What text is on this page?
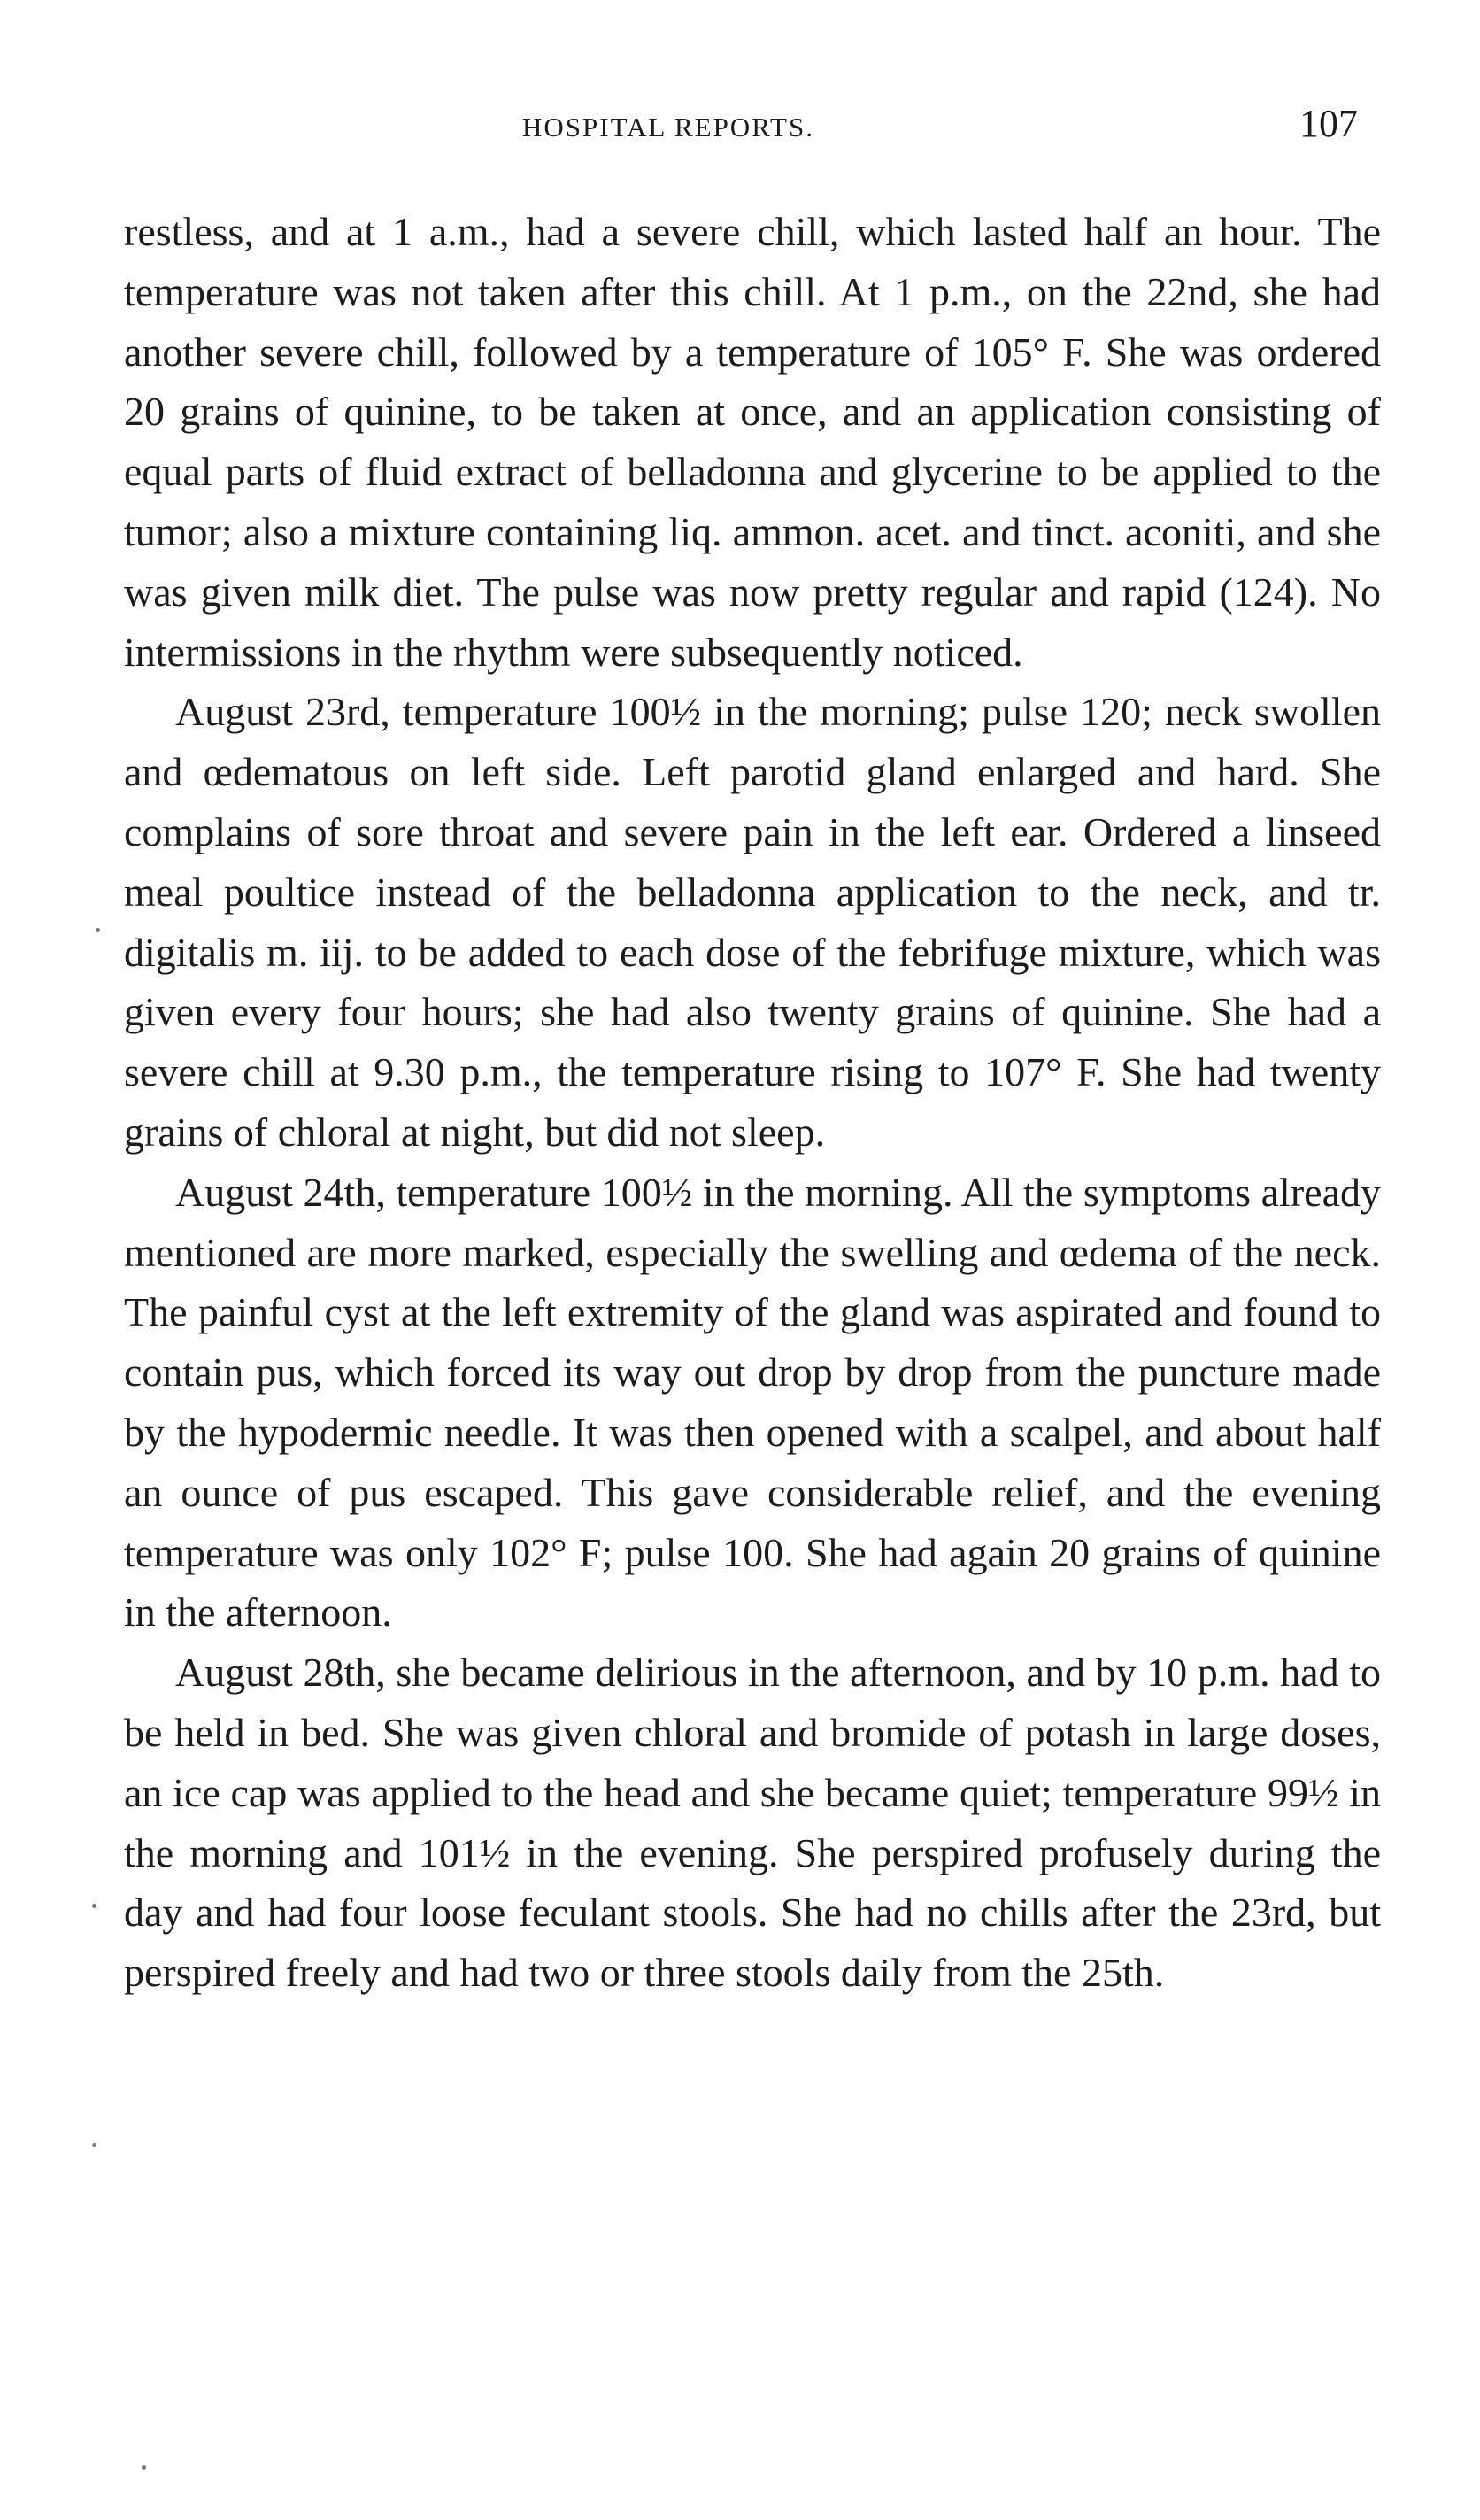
HOSPITAL REPORTS.	107

restless, and at 1 a.m., had a severe chill, which lasted half an hour. The temperature was not taken after this chill. At 1 p.m., on the 22nd, she had another severe chill, followed by a temperature of 105° F. She was ordered 20 grains of quinine, to be taken at once, and an application consisting of equal parts of fluid extract of belladonna and glycerine to be applied to the tumor; also a mixture containing liq. ammon. acet. and tinct. aconiti, and she was given milk diet. The pulse was now pretty regular and rapid (124). No intermissions in the rhythm were subsequently noticed.

August 23rd, temperature 100½ in the morning; pulse 120; neck swollen and œdematous on left side. Left parotid gland enlarged and hard. She complains of sore throat and severe pain in the left ear. Ordered a linseed meal poultice instead of the belladonna application to the neck, and tr. digitalis m. iij. to be added to each dose of the febrifuge mixture, which was given every four hours; she had also twenty grains of quinine. She had a severe chill at 9.30 p.m., the temperature rising to 107° F. She had twenty grains of chloral at night, but did not sleep.

August 24th, temperature 100½ in the morning. All the symptoms already mentioned are more marked, especially the swelling and œdema of the neck. The painful cyst at the left extremity of the gland was aspirated and found to contain pus, which forced its way out drop by drop from the puncture made by the hypodermic needle. It was then opened with a scalpel, and about half an ounce of pus escaped. This gave considerable relief, and the evening temperature was only 102° F; pulse 100. She had again 20 grains of quinine in the afternoon.

August 28th, she became delirious in the afternoon, and by 10 p.m. had to be held in bed. She was given chloral and bromide of potash in large doses, an ice cap was applied to the head and she became quiet; temperature 99½ in the morning and 101½ in the evening. She perspired profusely during the day and had four loose feculant stools. She had no chills after the 23rd, but perspired freely and had two or three stools daily from the 25th.
